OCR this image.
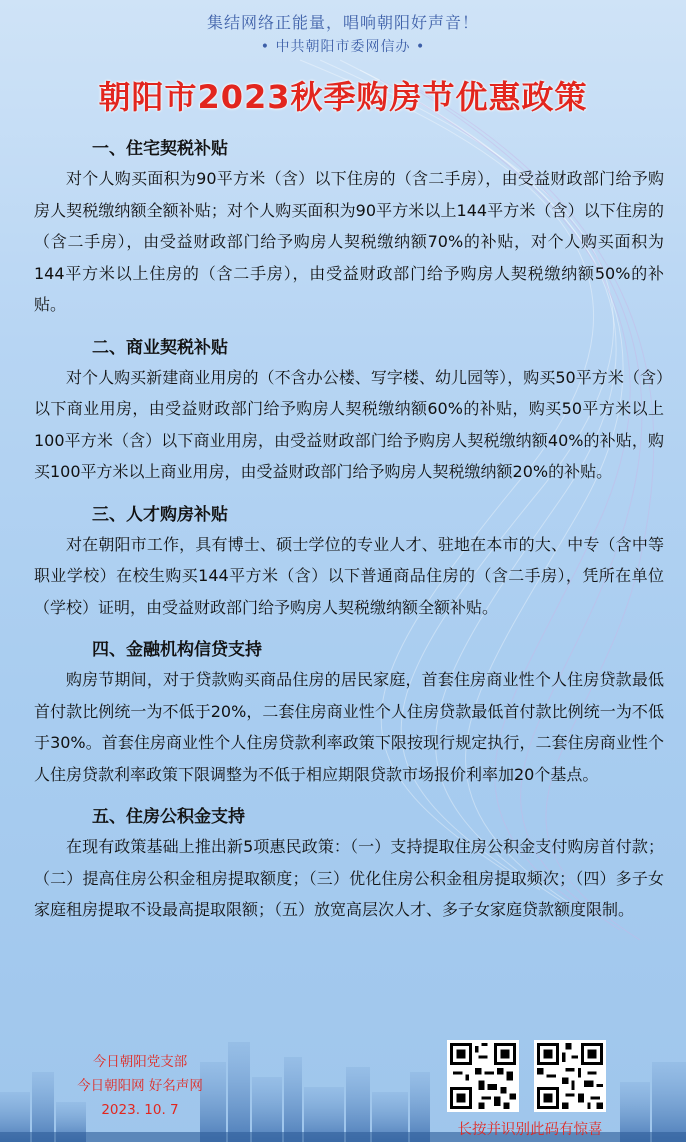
集结网络正能量，唱响朝阳好声音！
• 中共朝阳市委网信办 •
朝阳市2023秋季购房节优惠政策
一、住宅契税补贴

对个人购买面积为90平方米（含）以下住房的（含二手房），由受益财政部门给予购房人契税缴纳额全额补贴；对个人购买面积为90平方米以上144平方米（含）以下住房的（含二手房），由受益财政部门给予购房人契税缴纳额70%的补贴，对个人购买面积为144平方米以上住房的（含二手房），由受益财政部门给予购房人契税缴纳额50%的补贴。

二、商业契税补贴

对个人购买新建商业用房的（不含办公楼、写字楼、幼儿园等），购买50平方米（含）以下商业用房，由受益财政部门给予购房人契税缴纳额60%的补贴，购买50平方米以上100平方米（含）以下商业用房，由受益财政部门给予购房人契税缴纳额40%的补贴，购买100平方米以上商业用房，由受益财政部门给予购房人契税缴纳额20%的补贴。

三、人才购房补贴

对在朝阳市工作，具有博士、硕士学位的专业人才、驻地在本市的大、中专（含中等职业学校）在校生购买144平方米（含）以下普通商品住房的（含二手房），凭所在单位（学校）证明，由受益财政部门给予购房人契税缴纳额全额补贴。

四、金融机构信贷支持

购房节期间，对于贷款购买商品住房的居民家庭，首套住房商业性个人住房贷款最低首付款比例统一为不低于20%，二套住房商业性个人住房贷款最低首付款比例统一为不低于30%。首套住房商业性个人住房贷款利率政策下限按现行规定执行，二套住房商业性个人住房贷款利率政策下限调整为不低于相应期限贷款市场报价利率加20个基点。

五、住房公积金支持

在现有政策基础上推出新5项惠民政策：（一）支持提取住房公积金支付购房首付款；（二）提高住房公积金租房提取额度；（三）优化住房公积金租房提取频次；（四）多子女家庭租房提取不设最高提取限额；（五）放宽高层次人才、多子女家庭贷款额度限制。

今日朝阳党支部
今日朝阳网 好名声网
2023. 10. 7
长按并识别此码有惊喜
